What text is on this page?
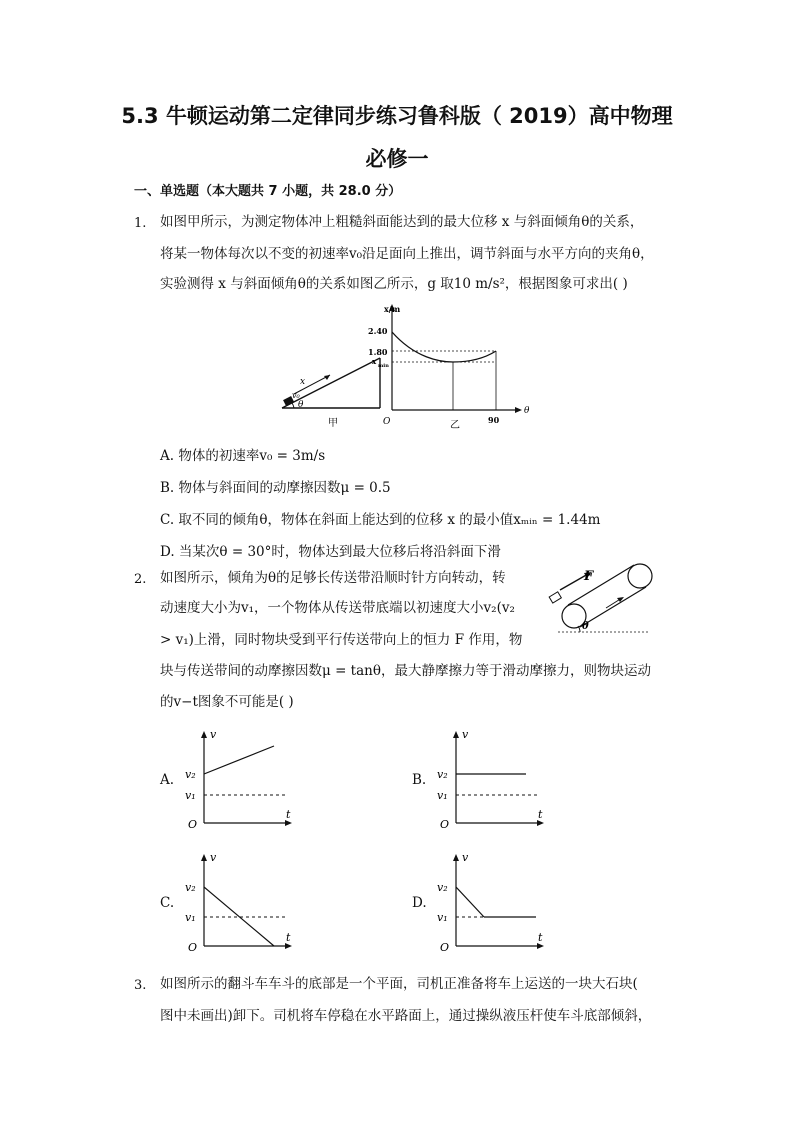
5.3 牛顿运动第二定律同步练习鲁科版（ 2019）高中物理
必修一
一、单选题（本大题共 7 小题，共 28.0 分）
1. 如图甲所示，为测定物体冲上粗糙斜面能达到的最大位移 x 与斜面倾角θ的关系，
将某一物体每次以不变的初速率v₀沿足面向上推出，调节斜面与水平方向的夹角θ，
实验测得 x 与斜面倾角θ的关系如图乙所示，g 取10 m/s²，根据图象可求出( )
x
v₀
θ
甲
x/m
θ
2.40
1.80
x min
O	90
乙
A. 物体的初速率v₀ = 3m/s
B. 物体与斜面间的动摩擦因数μ = 0.5
C. 取不同的倾角θ，物体在斜面上能达到的位移 x 的最小值xₘᵢₙ = 1.44m
D. 当某次θ = 30°时，物体达到最大位移后将沿斜面下滑
2. 如图所示，倾角为θ的足够长传送带沿顺时针方向转动，转
动速度大小为v₁，一个物体从传送带底端以初速度大小v₂(v₂
> v₁)上滑，同时物块受到平行传送带向上的恒力 F 作用，物
块与传送带间的动摩擦因数μ = tanθ，最大静摩擦力等于滑动摩擦力，则物块运动
的v−t图象不可能是( )
F
θ
A.
v
t
O
v₂
v₁
B.
v
t
O
v₂
v₁
C.
v
t
O
v₂
v₁
D.
v
t
O
v₂
v₁
3. 如图所示的翻斗车车斗的底部是一个平面，司机正准备将车上运送的一块大石块(
图中未画出)卸下。司机将车停稳在水平路面上，通过操纵液压杆使车斗底部倾斜，
